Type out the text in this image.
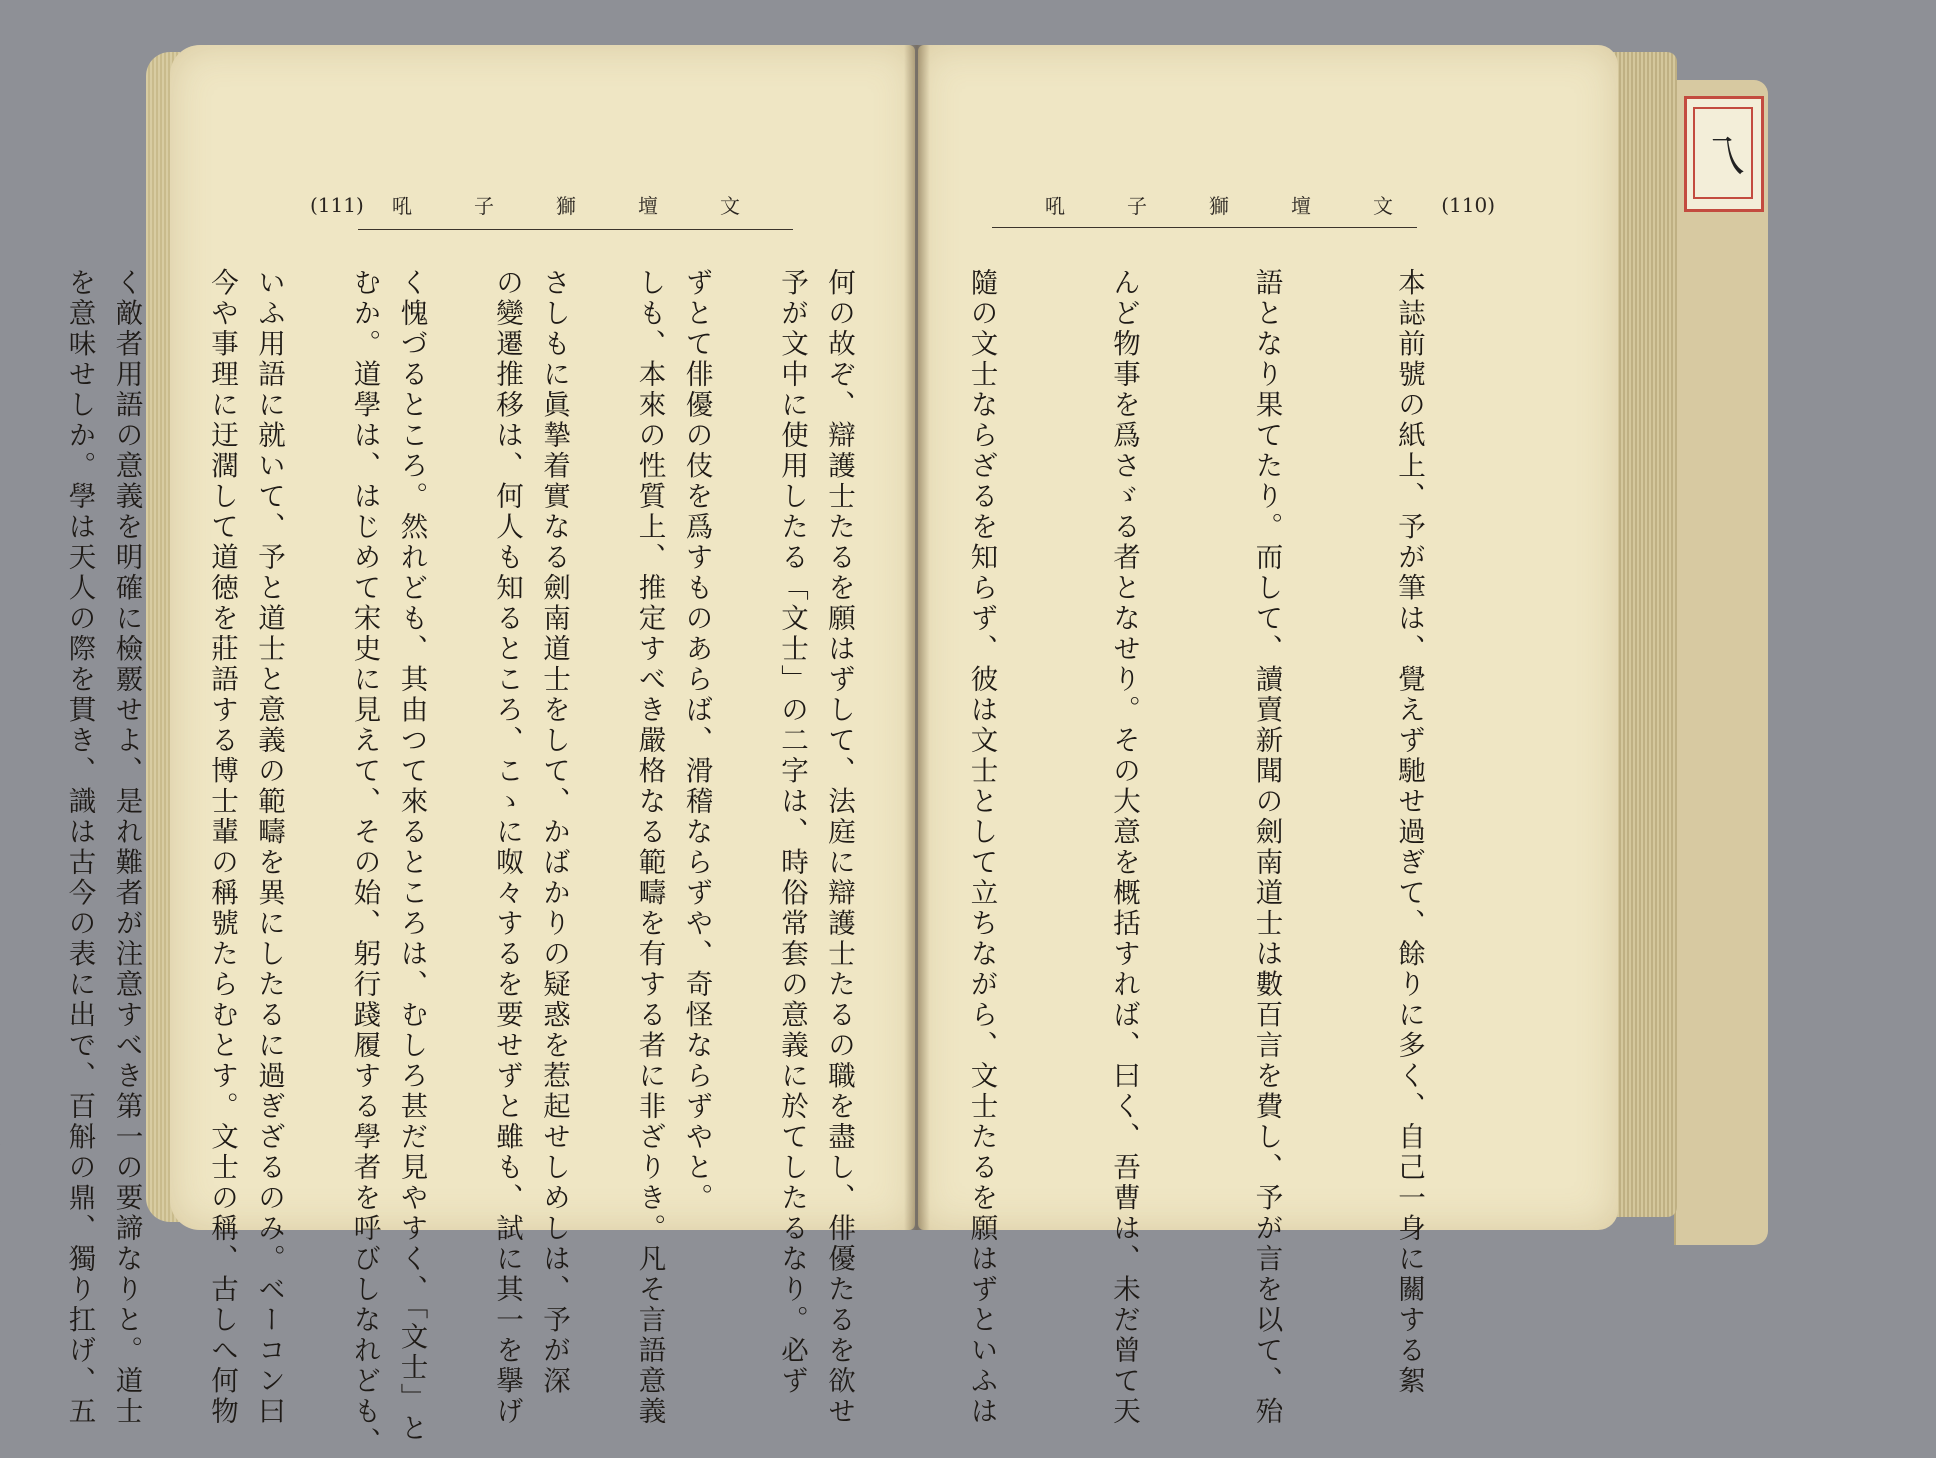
乁
(111) 吼	子	獅	壇	文	吼	子	獅	壇	文 (110)

予が文中に使用したる「文士」の二字は、時俗常套の意義に於てしたるなり。必ず

しも、本來の性質上、推定すべき嚴格なる範疇を有する者に非ざりき。凡そ言語意義

の變遷推移は、何人も知るところ、こゝに呶々するを要せずと雖も、試に其一を擧げ

むか。道學は、はじめて宋史に見えて、その始、躬行踐履する學者を呼びしなれども、

今や事理に迂濶して道徳を莊語する博士輩の稱號たらむとす。文士の稱、古しへ何物

を意味せしか。學は天人の際を貫き、識は古今の表に出で、百斛の鼎、獨り扛げ、五

	本誌前號の紙上、予が筆は、覺えず馳せ過ぎて、餘りに多く、自己一身に關する絮

語となり果てたり。而して、讀賣新聞の劍南道士は數百言を費し、予が言を以て、殆

んど物事を爲さゞる者となせり。その大意を概括すれば、曰く、吾曹は、未だ曾て天

隨の文士ならざるを知らず、彼は文士として立ちながら、文士たるを願はずといふは

何の故ぞ、辯護士たるを願はずして、法庭に辯護士たるの職を盡し、俳優たるを欲せ

ずとて俳優の伎を爲すものあらば、滑稽ならずや、奇怪ならずやと。

さしもに眞摯着實なる劍南道士をして、かばかりの疑惑を惹起せしめしは、予が深

く愧づるところ。然れども、其由つて來るところは、むしろ甚だ見やすく、「文士」と

いふ用語に就いて、予と道士と意義の範疇を異にしたるに過ぎざるのみ。ベーコン曰

く敵者用語の意義を明確に檢覈せよ、是れ難者が注意すべき第一の要諦なりと。道士
